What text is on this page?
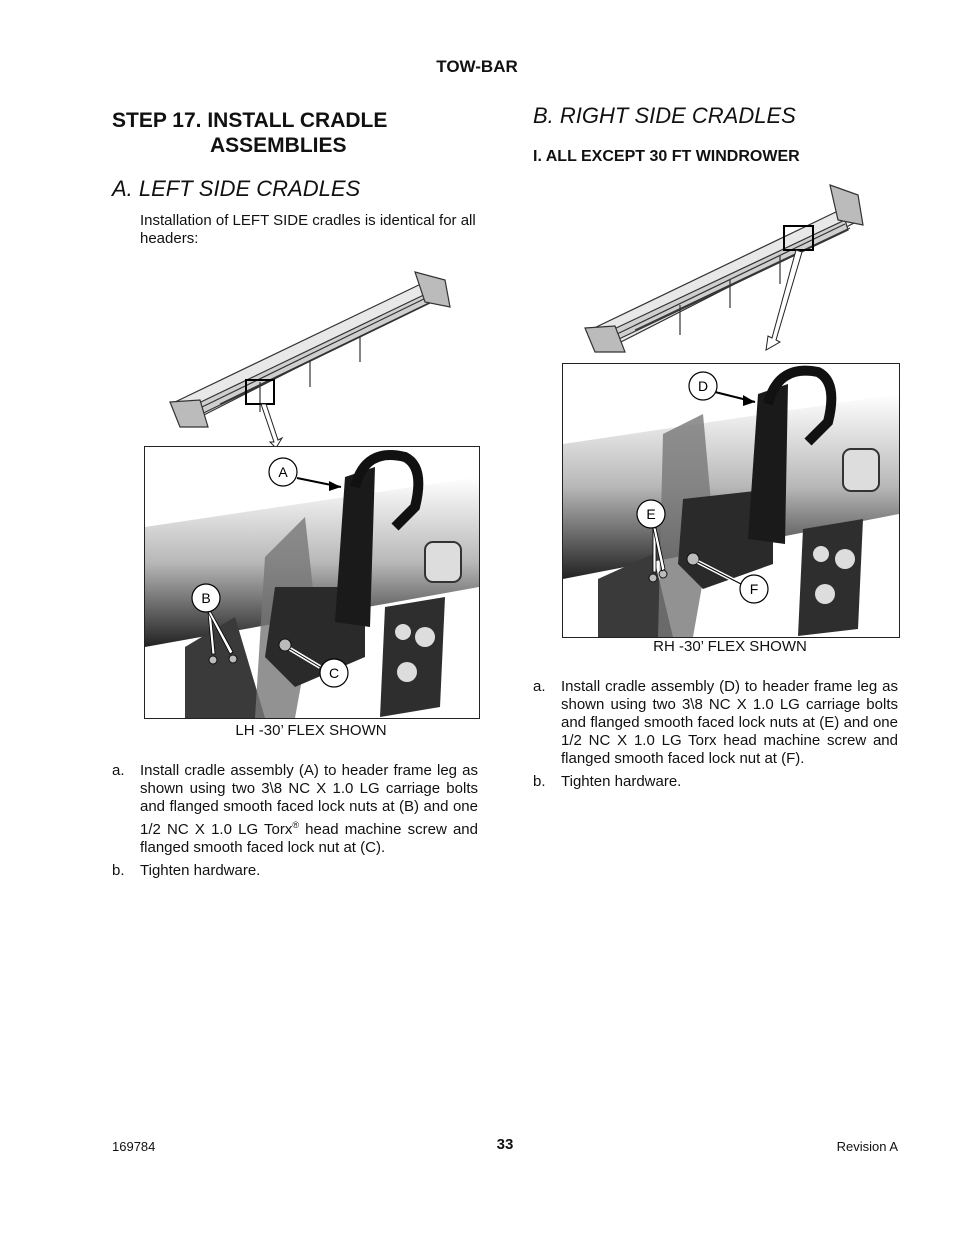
TOW-BAR
STEP 17. INSTALL CRADLE
ASSEMBLIES
A. LEFT SIDE CRADLES
Installation of LEFT SIDE cradles is identical for all headers:
A
B
C
LH -30’ FLEX SHOWN
a.	Install cradle assembly (A) to header frame leg as shown using two 3\8 NC X 1.0 LG carriage bolts and flanged smooth faced lock nuts at (B) and one 1/2 NC X 1.0 LG Torx® head machine screw and flanged smooth faced lock nut at (C).
b.	Tighten hardware.
B. RIGHT SIDE CRADLES
I. ALL EXCEPT 30 FT WINDROWER
D
E
F
RH -30’ FLEX SHOWN
a.	Install cradle assembly (D) to header frame leg as shown using two 3\8 NC X 1.0 LG carriage bolts and flanged smooth faced lock nuts at (E) and one 1/2 NC X 1.0 LG Torx head machine screw and flanged smooth faced lock nut at (F).
b.	Tighten hardware.
169784	33	Revision A
